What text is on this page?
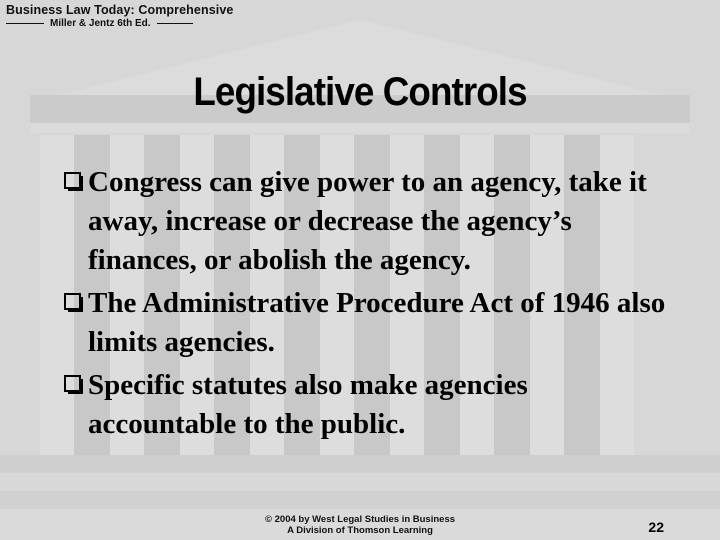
Business Law Today: Comprehensive
Miller & Jentz 6th Ed.
Legislative Controls
Congress can give power to an agency, take it away, increase or decrease the agency’s finances, or abolish the agency.
The Administrative Procedure Act of 1946 also limits agencies.
Specific statutes also make agencies accountable to the public.
© 2004 by West Legal Studies in Business
A Division of Thomson Learning	22
